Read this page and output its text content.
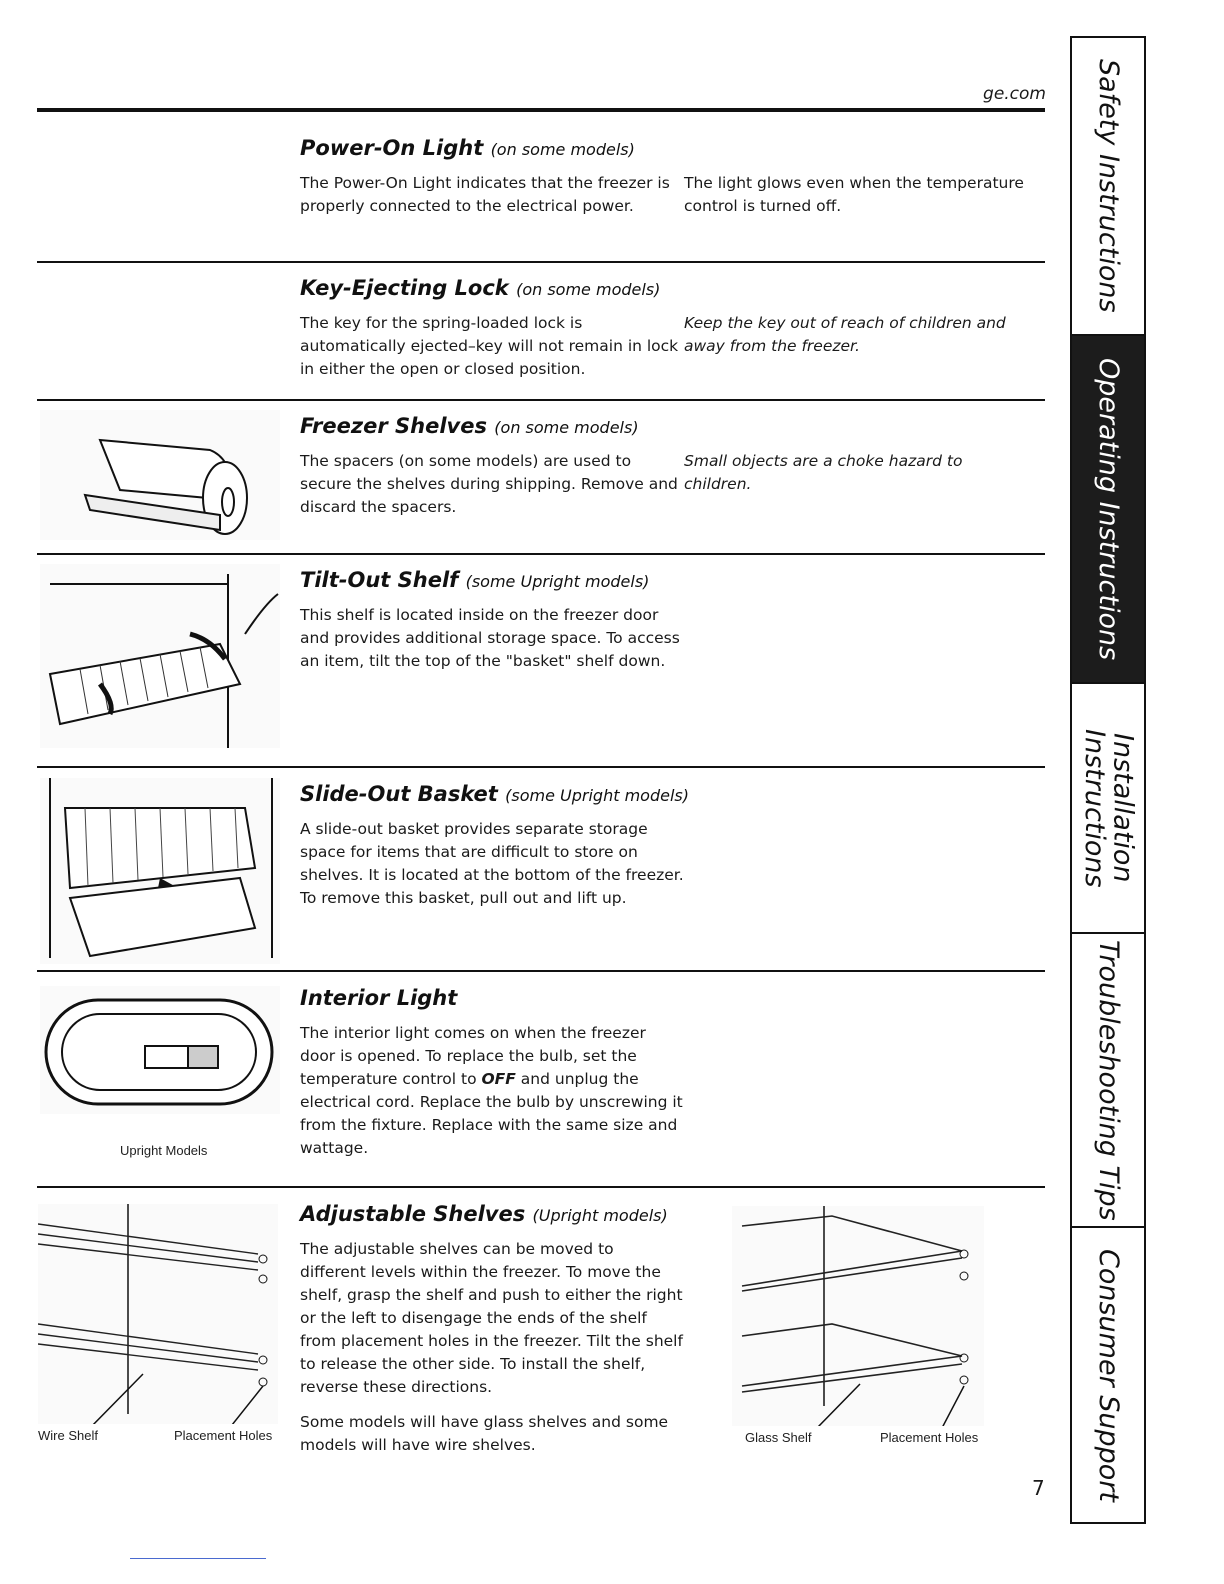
ge.com
Power-On Light (on some models)
The Power-On Light indicates that the freezer is properly connected to the electrical power.
The light glows even when the temperature control is turned off.
Key-Ejecting Lock (on some models)
The key for the spring-loaded lock is automatically ejected–key will not remain in lock in either the open or closed position.
Keep the key out of reach of children and away from the freezer.
Freezer Shelves (on some models)
The spacers (on some models) are used to secure the shelves during shipping. Remove and discard the spacers.
Small objects are a choke hazard to children.
Tilt-Out Shelf (some Upright models)
This shelf is located inside on the freezer door and provides additional storage space. To access an item, tilt the top of the "basket" shelf down.
Slide-Out Basket (some Upright models)
A slide-out basket provides separate storage space for items that are difficult to store on shelves. It is located at the bottom of the freezer. To remove this basket, pull out and lift up.
Upright Models
Interior Light
The interior light comes on when the freezer door is opened. To replace the bulb, set the temperature control to OFF and unplug the electrical cord. Replace the bulb by unscrewing it from the fixture. Replace with the same size and wattage.
Wire Shelf	Placement Holes
Adjustable Shelves (Upright models)

The adjustable shelves can be moved to different levels within the freezer. To move the shelf, grasp the shelf and push to either the right or the left to disengage the ends of the shelf from placement holes in the freezer. Tilt the shelf to release the other side. To install the shelf, reverse these directions.

Some models will have glass shelves and some models will have wire shelves.	Glass Shelf	Placement Holes
Safety Instructions
Operating Instructions
Installation
Instructions
Troubleshooting Tips
Consumer Support
7
